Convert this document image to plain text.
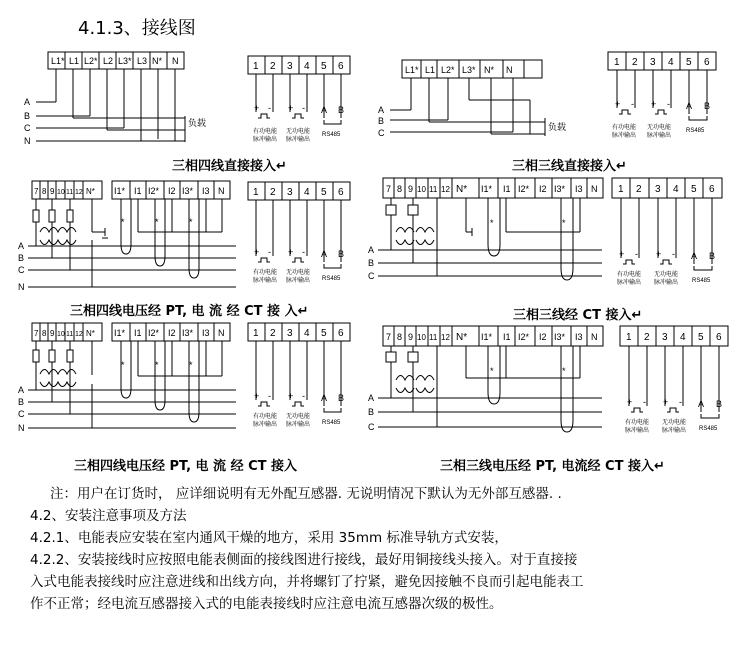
4.1.3、接线图
L1* L1 L2* L2 L3* L3 N* N
A
B
C
N
负载
1 2 3 4 5 6
+ - + - A B
有功电能
脉冲输出
无功电能
脉冲输出
RS485
L1* L1 L2* L3* N* N
A
B
C
负载
1 2 3 4 5 6
+ - + - A B
有功电能
脉冲输出
无功电能
脉冲输出
RS485
7 8 9 10 11 12 N* I1* I1 I2* I2 I3* I3 N
*	*	*
A
B
C
N
1 2 3 4 5 6
+ - + - A B
有功电能
脉冲输出
无功电能
脉冲输出 RS485
7 8 9 10 11 12 N* I1* I1 I2* I2 I3* I3 N
*	*
A
B
C
1 2 3 4 5 6
+ - + - A B
有功电能
脉冲输出
无功电能
脉冲输出 RS485
7 8 9 10 11 12 N* I1* I1 I2* I2 I3* I3 N
*	*	*
A
B
C
N
1 2 3 4 5 6
+ - + - A B
有功电能
脉冲输出
无功电能
脉冲输出 RS485
7 8 9 10 11 12 N* I1* I1 I2* I2 I3* I3 N
*	*
A
B
C
1 2 3 4 5 6
+ - + - A B
有功电能
脉冲输出
无功电能
脉冲输出 RS485
三相四线直接接入↵	三相三线直接接入↵
三相四线电压经 PT, 电 流 经 CT 接 入↵	三相三线经 CT 接入↵
三相四线电压经 PT, 电 流 经 CT 接入	三相三线电压经 PT, 电流经 CT 接入↵
注：用户在订货时， 应详细说明有无外配互感器. 无说明情况下默认为无外部互感器. .
4.2、安装注意事项及方法
4.2.1、电能表应安装在室内通风干燥的地方，采用 35mm 标准导轨方式安装，
4.2.2、安装接线时应按照电能表侧面的接线图进行接线，最好用铜接线头接入。对于直接接
入式电能表接线时应注意进线和出线方向，并将螺钉了拧紧，避免因接触不良而引起电能表工
作不正常；经电流互感器接入式的电能表接线时应注意电流互感器次级的极性。
